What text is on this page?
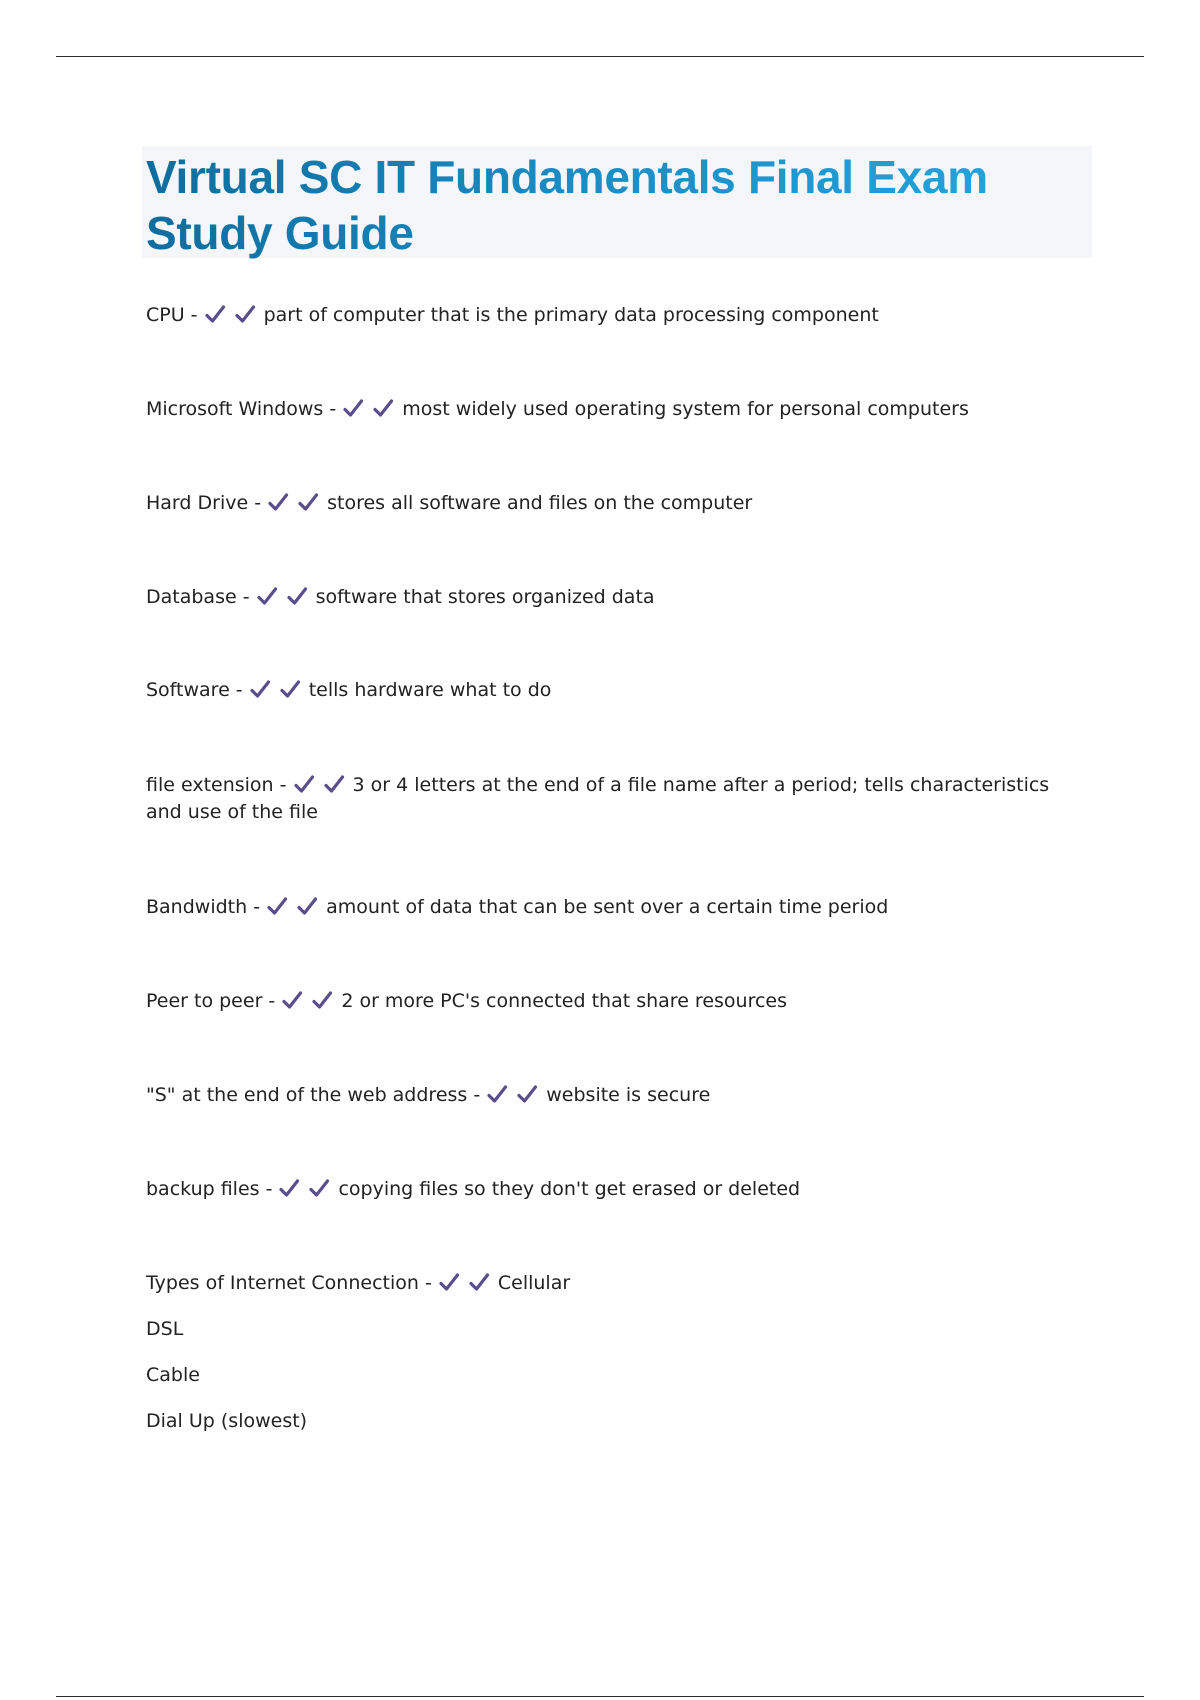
Virtual SC IT Fundamentals Final Exam Study Guide
CPU -	part of computer that is the primary data processing component
Microsoft Windows -	most widely used operating system for personal computers
Hard Drive -	stores all software and files on the computer
Database -	software that stores organized data
Software -	tells hardware what to do
file extension -	3 or 4 letters at the end of a file name after a period; tells characteristics and use of the file
Bandwidth -	amount of data that can be sent over a certain time period
Peer to peer -	2 or more PC's connected that share resources
"S" at the end of the web address -	website is secure
backup files -	copying files so they don't get erased or deleted
Types of Internet Connection -	Cellular
DSL
Cable
Dial Up (slowest)
